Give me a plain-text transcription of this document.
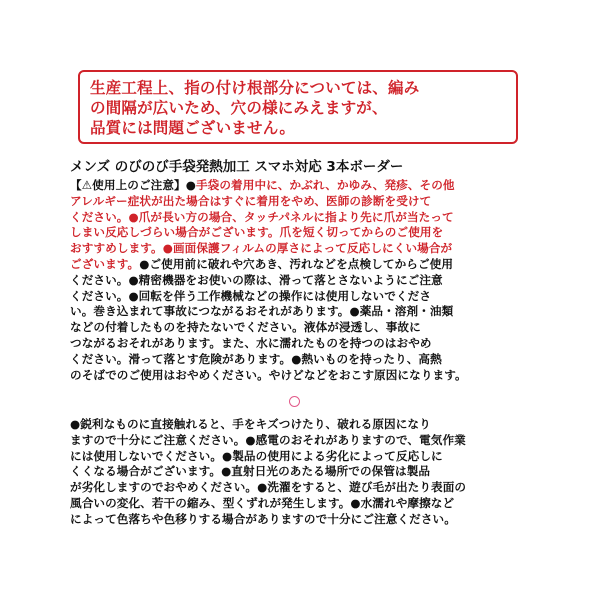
生産工程上、指の付け根部分については、編み

の間隔が広いため、穴の様にみえますが、

品質には問題ございません。

メンズ のびのび手袋発熱加工 スマホ対応 3本ボーダー

【⚠使用上のご注意】●手袋の着用中に、かぶれ、かゆみ、発疹、その他

アレルギー症状が出た場合はすぐに着用をやめ、医師の診断を受けて

ください。●爪が長い方の場合、タッチパネルに指より先に爪が当たって

しまい反応しづらい場合がございます。爪を短く切ってからのご使用を

おすすめします。●画面保護フィルムの厚さによって反応しにくい場合が

ございます。●ご使用前に破れや穴あき、汚れなどを点検してからご使用

ください。●精密機器をお使いの際は、滑って落とさないようにご注意

ください。●回転を伴う工作機械などの操作には使用しないでくださ

い。巻き込まれて事故につながるおそれがあります。●薬品・溶剤・油類

などの付着したものを持たないでください。液体が浸透し、事故に

つながるおそれがあります。また、水に濡れたものを持つのはおやめ

ください。滑って落とす危険があります。●熱いものを持ったり、高熱

のそばでのご使用はおやめください。やけどなどをおこす原因になります。

●鋭利なものに直接触れると、手をキズつけたり、破れる原因になり

ますので十分にご注意ください。●感電のおそれがありますので、電気作業

には使用しないでください。●製品の使用による劣化によって反応しに

くくなる場合がございます。●直射日光のあたる場所での保管は製品

が劣化しますのでおやめください。●洗濯をすると、遊び毛が出たり表面の

風合いの変化、若干の縮み、型くずれが発生します。●水濡れや摩擦など

によって色落ちや色移りする場合がありますので十分にご注意ください。
